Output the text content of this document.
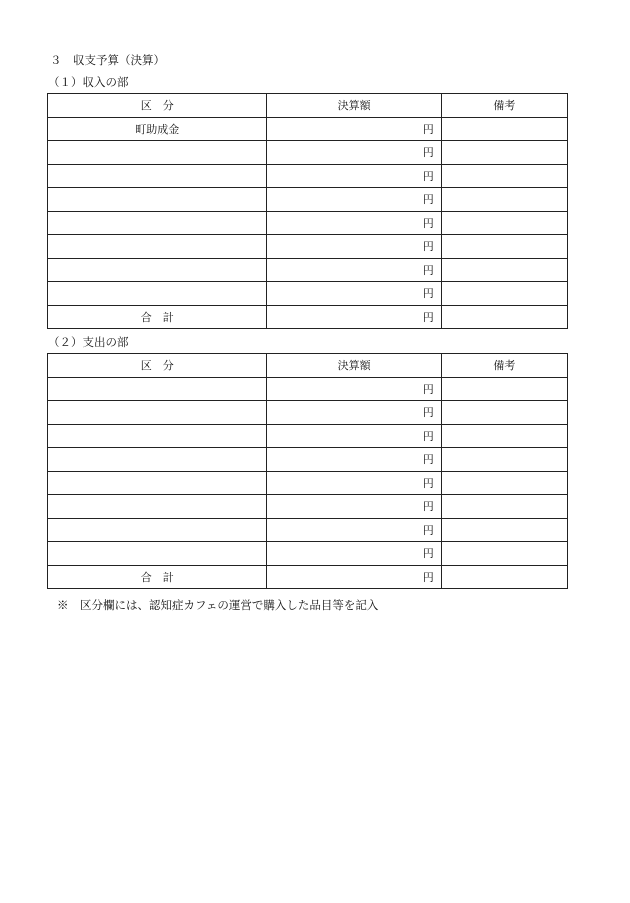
３　収支予算（決算）
（１）収入の部
区　分	決算額	備考
町助成金	円	
	円	
	円	
	円	
	円	
	円	
	円	
	円	
合　計	円	
（２）支出の部
区　分	決算額	備考
	円	
	円	
	円	
	円	
	円	
	円	
	円	
	円	
合　計	円	
※　区分欄には、認知症カフェの運営で購入した品目等を記入
